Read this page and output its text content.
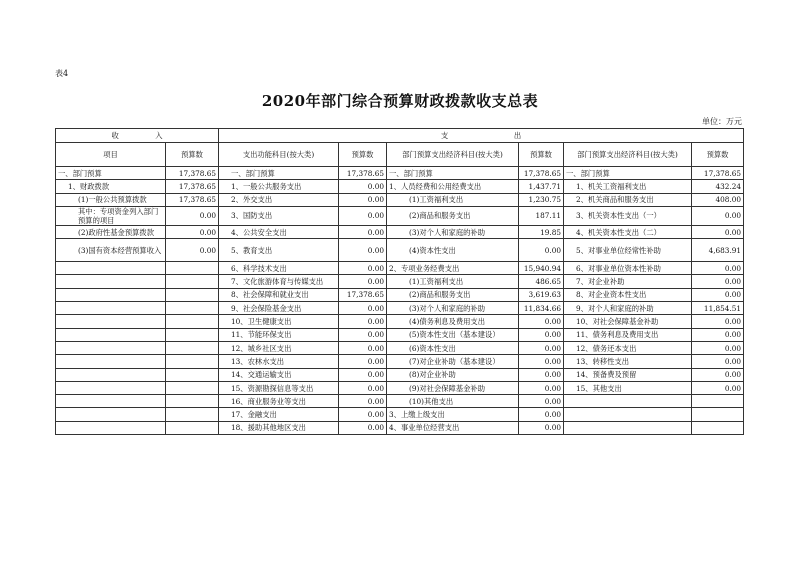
表4
2020年部门综合预算财政拨款收支总表
单位：万元
收　　　　　入		支　　　　　　　　　出					
项目	预算数	支出功能科目(按大类)	预算数	部门预算支出经济科目(按大类)	预算数	部门预算支出经济科目(按大类)	预算数
一、部门预算	17,378.65	一、部门预算	17,378.65	一、部门预算	17,378.65	一、部门预算	17,378.65
1、财政拨款	17,378.65	1、一般公共服务支出	0.00	1、人员经费和公用经费支出	1,437.71	1、机关工资福利支出	432.24
(1)一般公共预算拨款	17,378.65	2、外交支出	0.00	(1)工资福利支出	1,230.75	2、机关商品和服务支出	408.00
其中：专项资金列入部门预算的项目	0.00	3、国防支出	0.00	(2)商品和服务支出	187.11	3、机关资本性支出（一）	0.00
(2)政府性基金预算拨款	0.00	4、公共安全支出	0.00	(3)对个人和家庭的补助	19.85	4、机关资本性支出（二）	0.00
(3)国有资本经营预算收入	0.00	5、教育支出	0.00	(4)资本性支出	0.00	5、对事业单位经常性补助	4,683.91
		6、科学技术支出	0.00	2、专项业务经费支出	15,940.94	6、对事业单位资本性补助	0.00
		7、文化旅游体育与传媒支出	0.00	(1)工资福利支出	486.65	7、对企业补助	0.00
		8、社会保障和就业支出	17,378.65	(2)商品和服务支出	3,619.63	8、对企业资本性支出	0.00
		9、社会保险基金支出	0.00	(3)对个人和家庭的补助	11,834.66	9、对个人和家庭的补助	11,854.51
		10、卫生健康支出	0.00	(4)债务利息及费用支出	0.00	10、对社会保障基金补助	0.00
		11、节能环保支出	0.00	(5)资本性支出（基本建设）	0.00	11、债务利息及费用支出	0.00
		12、城乡社区支出	0.00	(6)资本性支出	0.00	12、债务还本支出	0.00
		13、农林水支出	0.00	(7)对企业补助（基本建设）	0.00	13、转移性支出	0.00
		14、交通运输支出	0.00	(8)对企业补助	0.00	14、预备费及预留	0.00
		15、资源勘探信息等支出	0.00	(9)对社会保障基金补助	0.00	15、其他支出	0.00
		16、商业服务业等支出	0.00	(10)其他支出	0.00		
		17、金融支出	0.00	3、上缴上级支出	0.00		
		18、援助其他地区支出	0.00	4、事业单位经营支出	0.00		
